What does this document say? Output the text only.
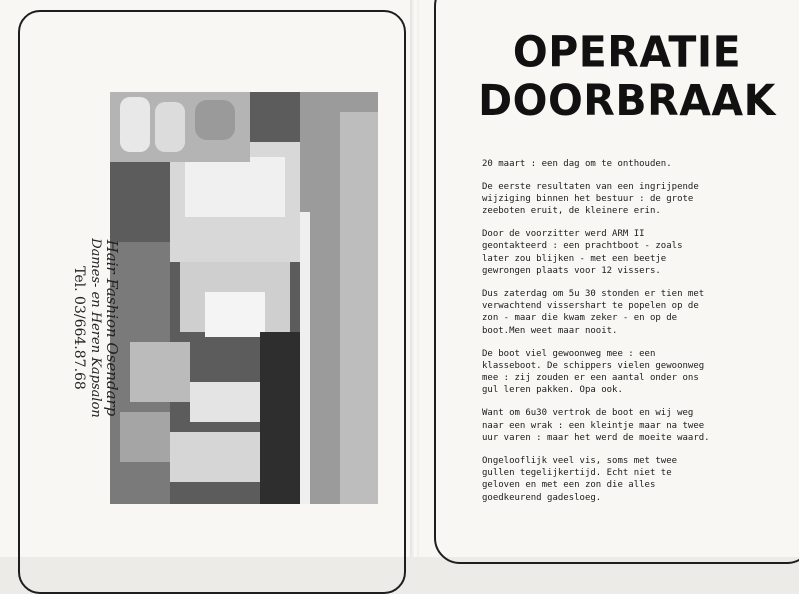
Hair Fashion Osendarp
Dames- en Heren Kapsalon
Tel. 03/664.87.68
OPERATIE
DOORBRAAK

20 maart : een dag om te onthouden.

De eerste resultaten van een ingrijpende
wijziging binnen het bestuur : de grote
zeeboten eruit, de kleinere erin.

Door de voorzitter werd ARM II
geontakteerd : een prachtboot - zoals
later zou blijken - met een beetje
gewrongen plaats voor 12 vissers.

Dus zaterdag om 5u 30 stonden er tien met
verwachtend vissershart te popelen op de
zon - maar die kwam zeker - en op de
boot.Men weet maar nooit.

De boot viel gewoonweg mee : een
klasseboot. De schippers vielen gewoonweg
mee : zij zouden er een aantal onder ons
gul leren pakken. Opa ook.

Want om 6u30 vertrok de boot en wij weg
naar een wrak : een kleintje maar na twee
uur varen : maar het werd de moeite waard.

Ongelooflijk veel vis, soms met twee
gullen tegelijkertijd. Echt niet te
geloven en met een zon die alles
goedkeurend gadesloeg.
